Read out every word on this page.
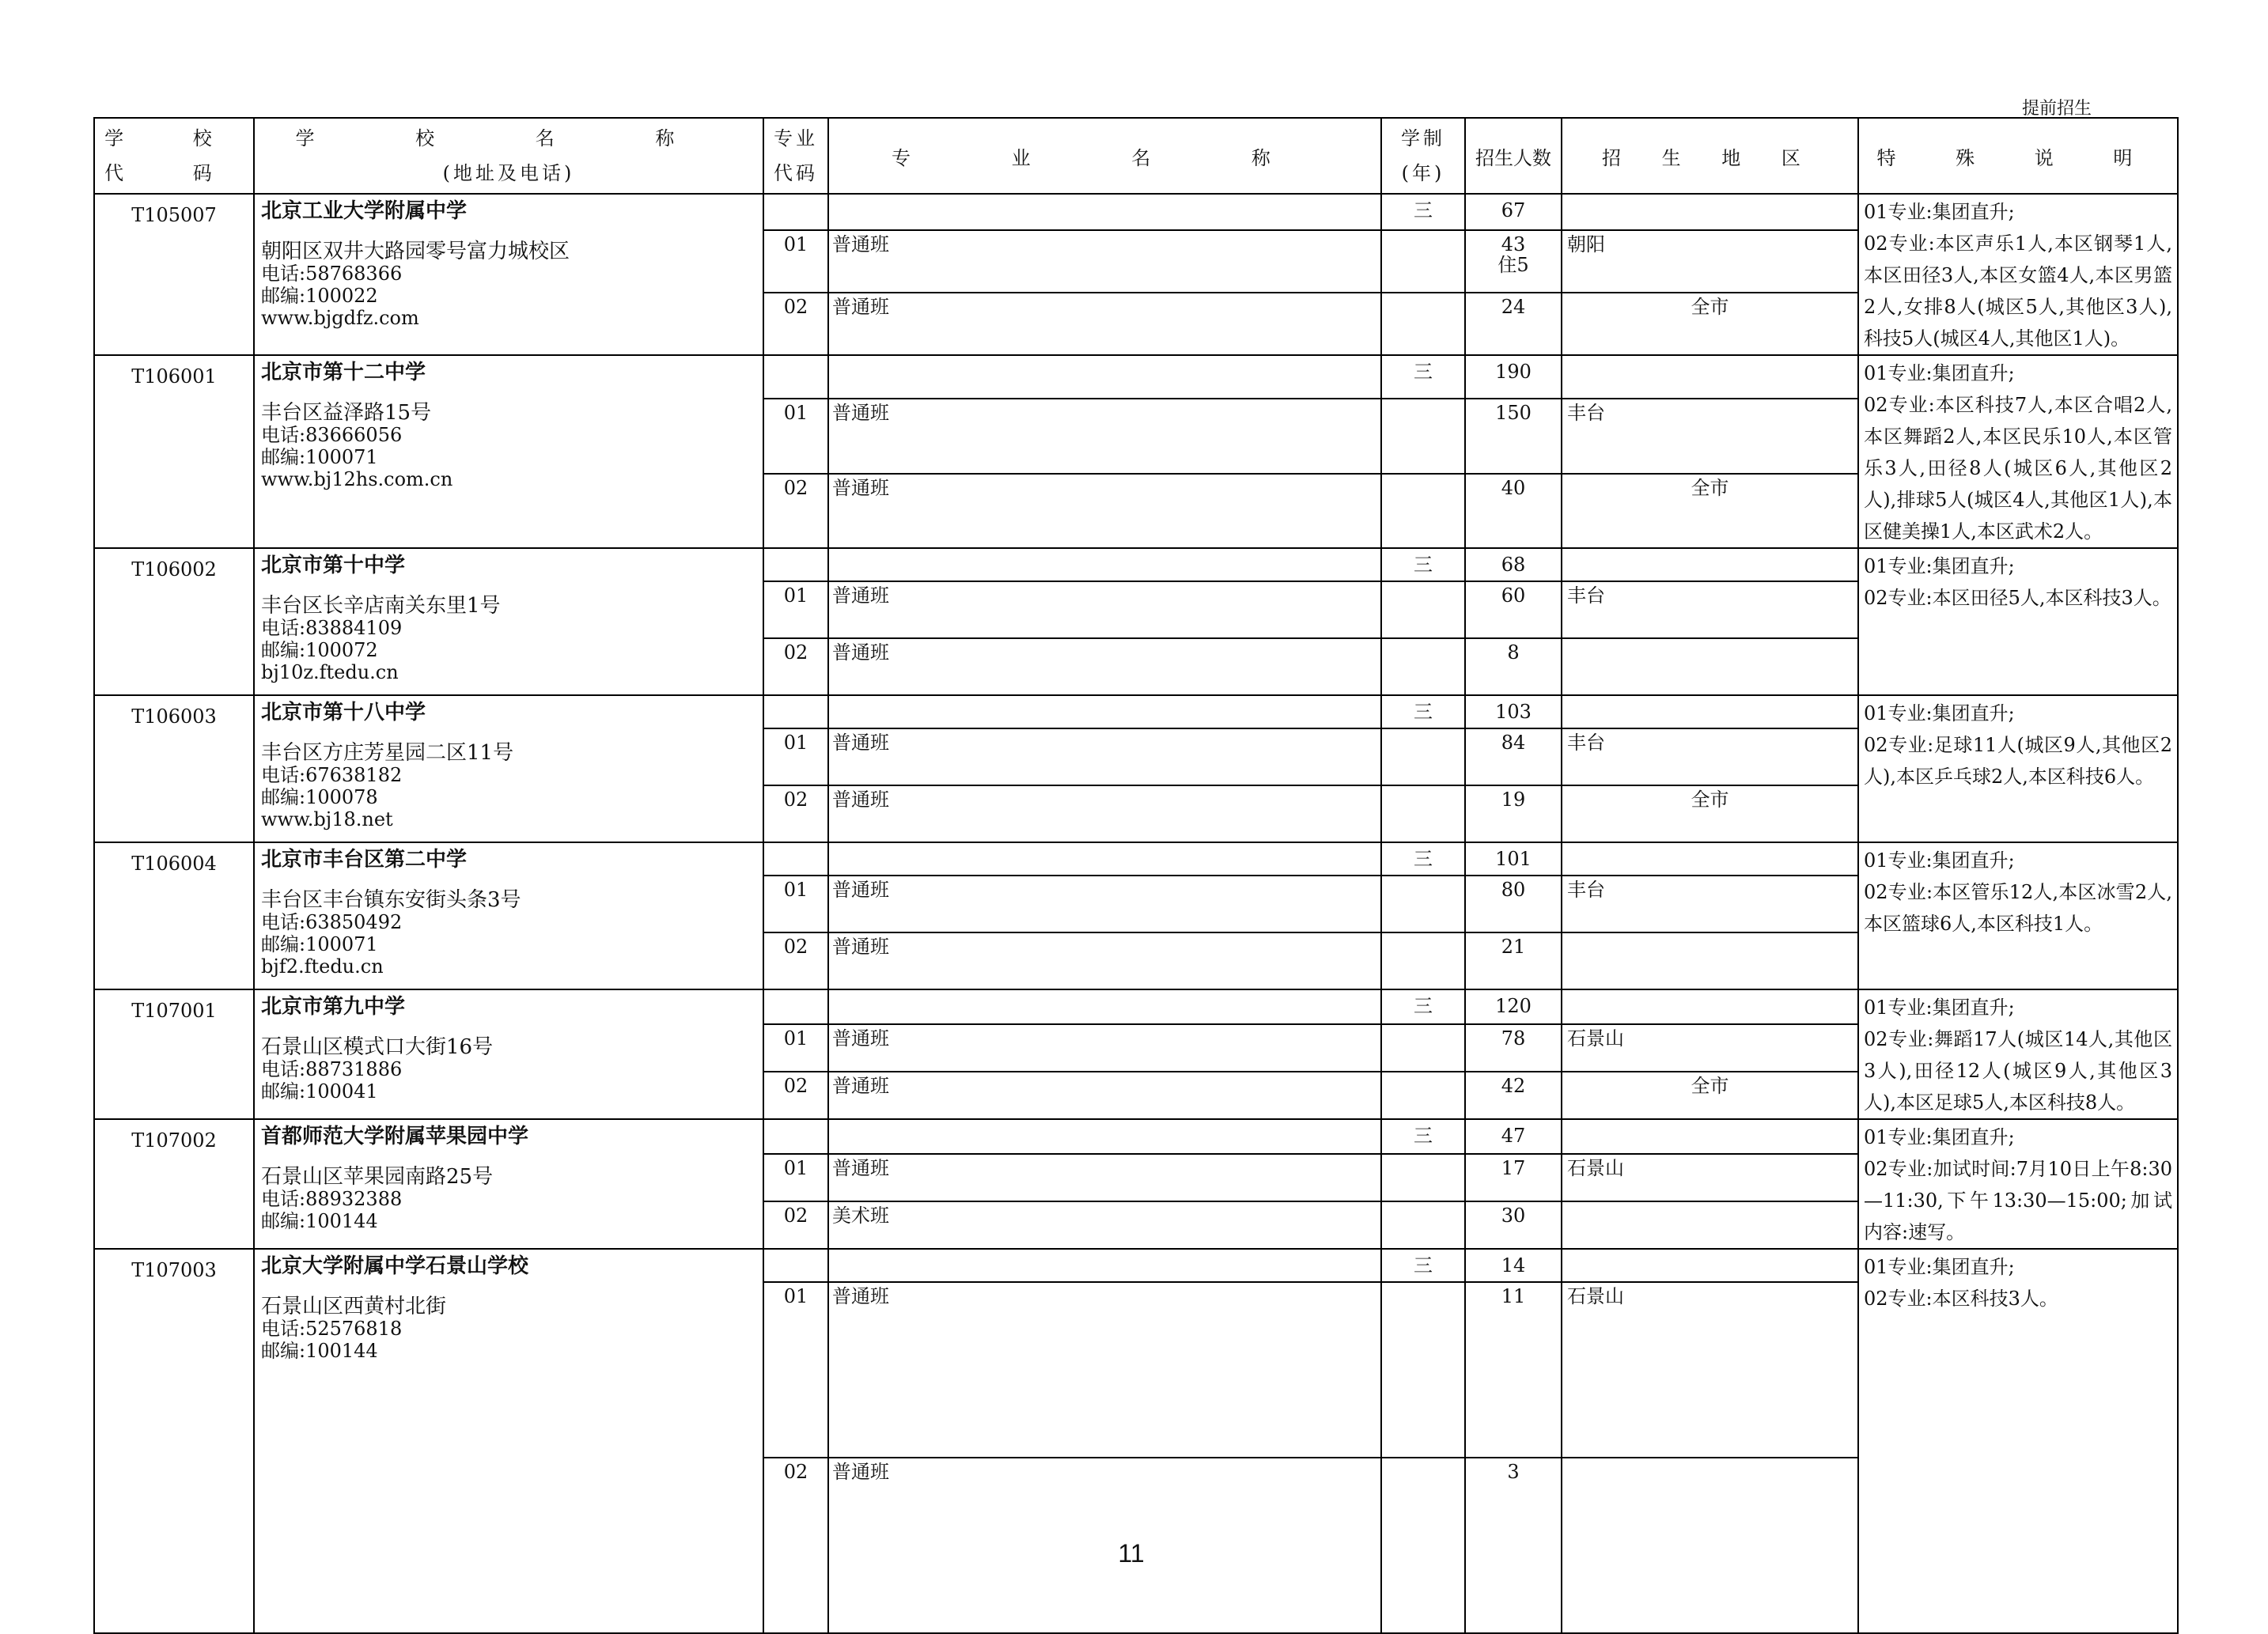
提前招生
学 校
代 码	学 校 名 称
(地址及电话)	专业
代码	专 业 名 称	学制
(年)	招生人数	招 生 地 区	特 殊 说 明

T105007	北京工业大学附属中学
朝阳区双井大路园零号富力城校区
电话:58768366
邮编:100022
www.bjgdfz.com			三	67		01专业:集团直升;
02专业:本区声乐1人,本区钢琴1人,本区田径3人,本区女篮4人,本区男篮2人,女排8人(城区5人,其他区3人),科技5人(城区4人,其他区1人)。

		01	普通班		43
住5	朝阳	
		02	普通班		24	全市	
T106001	北京市第十二中学
丰台区益泽路15号
电话:83666056
邮编:100071
www.bj12hs.com.cn			三	190		01专业:集团直升;
02专业:本区科技7人,本区合唱2人,本区舞蹈2人,本区民乐10人,本区管乐3人,田径8人(城区6人,其他区2人),排球5人(城区4人,其他区1人),本区健美操1人,本区武术2人。

		01	普通班		150	丰台	
		02	普通班		40	全市	
T106002	北京市第十中学
丰台区长辛店南关东里1号
电话:83884109
邮编:100072
bj10z.ftedu.cn			三	68		01专业:集团直升;
02专业:本区田径5人,本区科技3人。

		01	普通班		60	丰台	
		02	普通班		8		

T106003	北京市第十八中学
丰台区方庄芳星园二区11号
电话:67638182
邮编:100078
www.bj18.net			三	103		01专业:集团直升;
02专业:足球11人(城区9人,其他区2人),本区乒乓球2人,本区科技6人。

		01	普通班		84	丰台	
		02	普通班		19	全市	
T106004	北京市丰台区第二中学
丰台区丰台镇东安街头条3号
电话:63850492
邮编:100071
bjf2.ftedu.cn			三	101		01专业:集团直升;
02专业:本区管乐12人,本区冰雪2人,本区篮球6人,本区科技1人。

		01	普通班		80	丰台	
		02	普通班		21		

T107001	北京市第九中学
石景山区模式口大街16号
电话:88731886
邮编:100041			三	120		01专业:集团直升;
02专业:舞蹈17人(城区14人,其他区3人),田径12人(城区9人,其他区3人),本区足球5人,本区科技8人。

		01	普通班		78	石景山	
		02	普通班		42	全市	
T107002	首都师范大学附属苹果园中学
石景山区苹果园南路25号
电话:88932388
邮编:100144			三	47		01专业:集团直升;
02专业:加试时间:7月10日上午8:30—11:30,下午13:30—15:00;加试内容:速写。

		01	普通班		17	石景山	
		02	美术班		30		

T107003	北京大学附属中学石景山学校
石景山区西黄村北街
电话:52576818
邮编:100144			三	14		01专业:集团直升;
02专业:本区科技3人。

		01	普通班		11	石景山	
		02	普通班		3		

11
